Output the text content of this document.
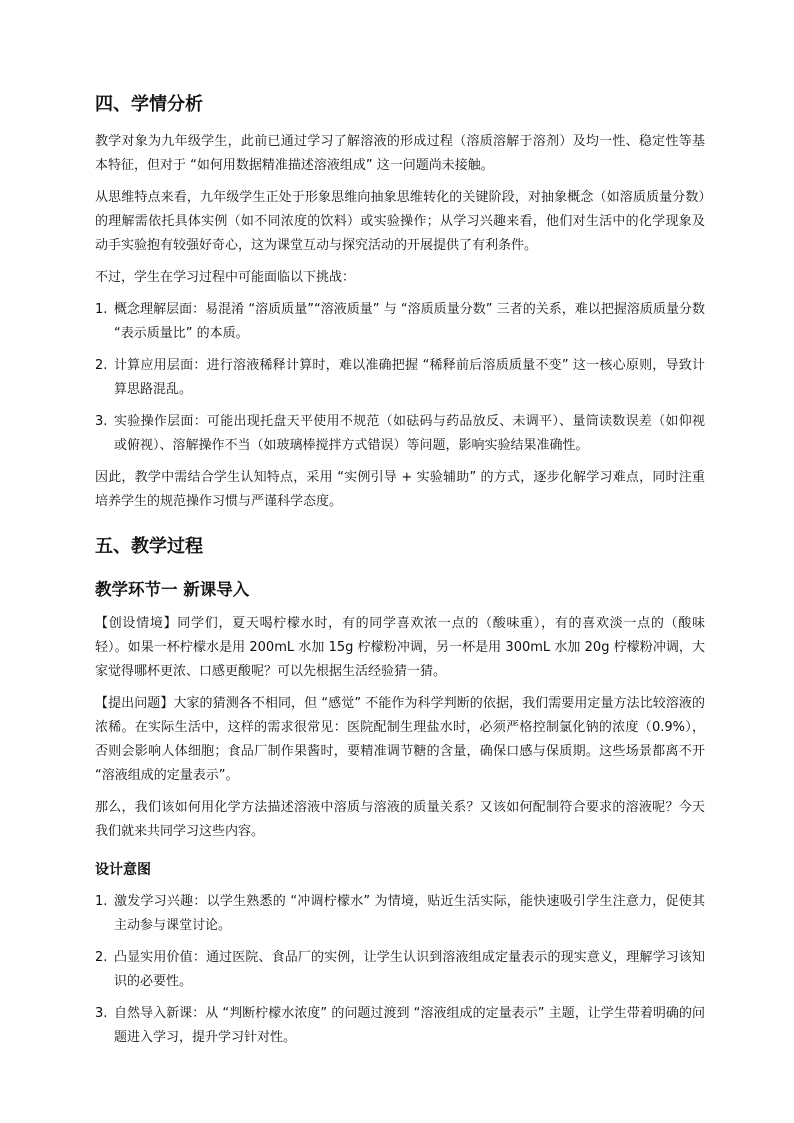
四、学情分析

教学对象为九年级学生，此前已通过学习了解溶液的形成过程（溶质溶解于溶剂）及均一性、稳定性等基本特征，但对于 “如何用数据精准描述溶液组成” 这一问题尚未接触。

从思维特点来看，九年级学生正处于形象思维向抽象思维转化的关键阶段，对抽象概念（如溶质质量分数）的理解需依托具体实例（如不同浓度的饮料）或实验操作；从学习兴趣来看，他们对生活中的化学现象及动手实验抱有较强好奇心，这为课堂互动与探究活动的开展提供了有利条件。

不过，学生在学习过程中可能面临以下挑战：

1. 概念理解层面：易混淆 “溶质质量”“溶液质量” 与 “溶质质量分数” 三者的关系，难以把握溶质质量分数 “表示质量比” 的本质。
2. 计算应用层面：进行溶液稀释计算时，难以准确把握 “稀释前后溶质质量不变” 这一核心原则，导致计算思路混乱。
3. 实验操作层面：可能出现托盘天平使用不规范（如砝码与药品放反、未调平）、量筒读数误差（如仰视或俯视）、溶解操作不当（如玻璃棒搅拌方式错误）等问题，影响实验结果准确性。

因此，教学中需结合学生认知特点，采用 “实例引导 + 实验辅助” 的方式，逐步化解学习难点，同时注重培养学生的规范操作习惯与严谨科学态度。

五、教学过程
教学环节一 新课导入

【创设情境】同学们，夏天喝柠檬水时，有的同学喜欢浓一点的（酸味重），有的喜欢淡一点的（酸味轻）。如果一杯柠檬水是用 200mL 水加 15g 柠檬粉冲调，另一杯是用 300mL 水加 20g 柠檬粉冲调，大家觉得哪杯更浓、口感更酸呢？可以先根据生活经验猜一猜。

【提出问题】大家的猜测各不相同，但 “感觉” 不能作为科学判断的依据，我们需要用定量方法比较溶液的浓稀。在实际生活中，这样的需求很常见：医院配制生理盐水时，必须严格控制氯化钠的浓度（0.9%），否则会影响人体细胞；食品厂制作果酱时，要精准调节糖的含量，确保口感与保质期。这些场景都离不开 “溶液组成的定量表示”。

那么，我们该如何用化学方法描述溶液中溶质与溶液的质量关系？又该如何配制符合要求的溶液呢？今天我们就来共同学习这些内容。

设计意图
1. 激发学习兴趣：以学生熟悉的 “冲调柠檬水” 为情境，贴近生活实际，能快速吸引学生注意力，促使其主动参与课堂讨论。
2. 凸显实用价值：通过医院、食品厂的实例，让学生认识到溶液组成定量表示的现实意义，理解学习该知识的必要性。
3. 自然导入新课：从 “判断柠檬水浓度” 的问题过渡到 “溶液组成的定量表示” 主题，让学生带着明确的问题进入学习，提升学习针对性。
